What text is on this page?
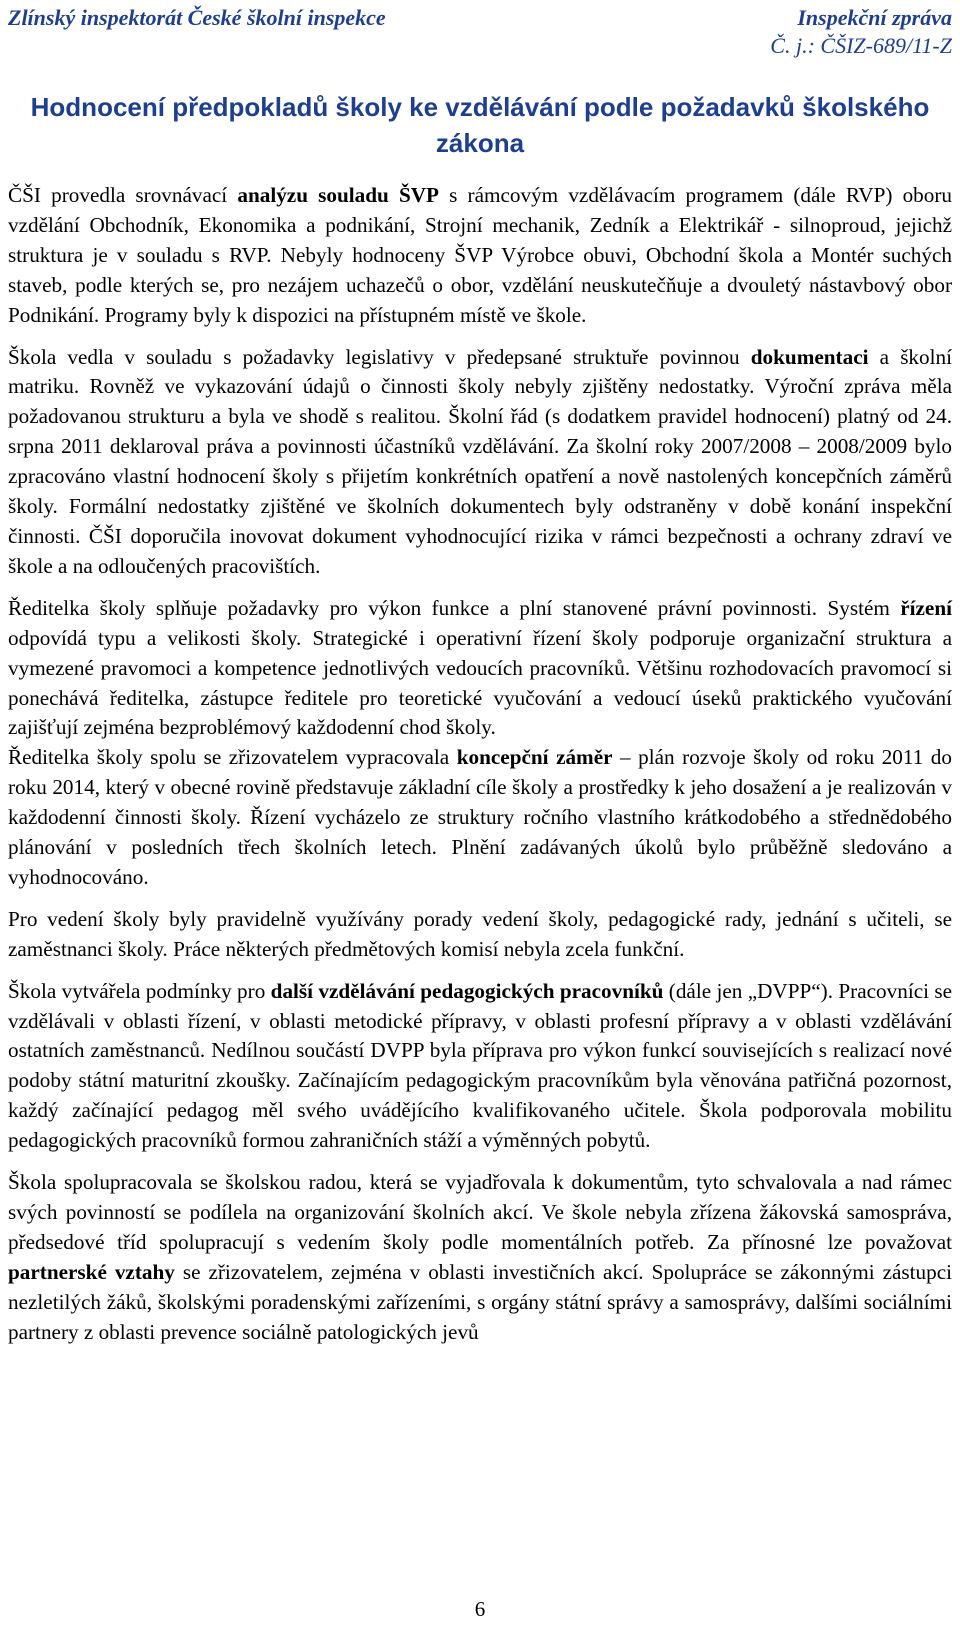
Zlínský inspektorát České školní inspekce	Inspekční zpráva
Č. j.: ČŠIZ-689/11-Z
Hodnocení předpokladů školy ke vzdělávání podle požadavků školského zákona

ČŠI provedla srovnávací analýzu souladu ŠVP s rámcovým vzdělávacím programem (dále RVP) oboru vzdělání Obchodník, Ekonomika a podnikání, Strojní mechanik, Zedník a Elektrikář - silnoproud, jejichž struktura je v souladu s RVP. Nebyly hodnoceny ŠVP Výrobce obuvi, Obchodní škola a Montér suchých staveb, podle kterých se, pro nezájem uchazečů o obor, vzdělání neuskutečňuje a dvouletý nástavbový obor Podnikání. Programy byly k dispozici na přístupném místě ve škole.

Škola vedla v souladu s požadavky legislativy v předepsané struktuře povinnou dokumentaci a školní matriku. Rovněž ve vykazování údajů o činnosti školy nebyly zjištěny nedostatky. Výroční zpráva měla požadovanou strukturu a byla ve shodě s realitou. Školní řád (s dodatkem pravidel hodnocení) platný od 24. srpna 2011 deklaroval práva a povinnosti účastníků vzdělávání. Za školní roky 2007/2008 – 2008/2009 bylo zpracováno vlastní hodnocení školy s přijetím konkrétních opatření a nově nastolených koncepčních záměrů školy. Formální nedostatky zjištěné ve školních dokumentech byly odstraněny v době konání inspekční činnosti. ČŠI doporučila inovovat dokument vyhodnocující rizika v rámci bezpečnosti a ochrany zdraví ve škole a na odloučených pracovištích.

Ředitelka školy splňuje požadavky pro výkon funkce a plní stanovené právní povinnosti. Systém řízení odpovídá typu a velikosti školy. Strategické i operativní řízení školy podporuje organizační struktura a vymezené pravomoci a kompetence jednotlivých vedoucích pracovníků. Většinu rozhodovacích pravomocí si ponechává ředitelka, zástupce ředitele pro teoretické vyučování a vedoucí úseků praktického vyučování zajišťují zejména bezproblémový každodenní chod školy.

Ředitelka školy spolu se zřizovatelem vypracovala koncepční záměr – plán rozvoje školy od roku 2011 do roku 2014, který v obecné rovině představuje základní cíle školy a prostředky k jeho dosažení a je realizován v každodenní činnosti školy. Řízení vycházelo ze struktury ročního vlastního krátkodobého a střednědobého plánování v posledních třech školních letech. Plnění zadávaných úkolů bylo průběžně sledováno a vyhodnocováno.

Pro vedení školy byly pravidelně využívány porady vedení školy, pedagogické rady, jednání s učiteli, se zaměstnanci školy. Práce některých předmětových komisí nebyla zcela funkční.

Škola vytvářela podmínky pro další vzdělávání pedagogických pracovníků (dále jen „DVPP“). Pracovníci se vzdělávali v oblasti řízení, v oblasti metodické přípravy, v oblasti profesní přípravy a v oblasti vzdělávání ostatních zaměstnanců. Nedílnou součástí DVPP byla příprava pro výkon funkcí souvisejících s realizací nové podoby státní maturitní zkoušky. Začínajícím pedagogickým pracovníkům byla věnována patřičná pozornost, každý začínající pedagog měl svého uvádějícího kvalifikovaného učitele. Škola podporovala mobilitu pedagogických pracovníků formou zahraničních stáží a výměnných pobytů.

Škola spolupracovala se školskou radou, která se vyjadřovala k dokumentům, tyto schvalovala a nad rámec svých povinností se podílela na organizování školních akcí. Ve škole nebyla zřízena žákovská samospráva, předsedové tříd spolupracují s vedením školy podle momentálních potřeb. Za přínosné lze považovat partnerské vztahy se zřizovatelem, zejména v oblasti investičních akcí. Spolupráce se zákonnými zástupci nezletilých žáků, školskými poradenskými zařízeními, s orgány státní správy a samosprávy, dalšími sociálními partnery z oblasti prevence sociálně patologických jevů

6
